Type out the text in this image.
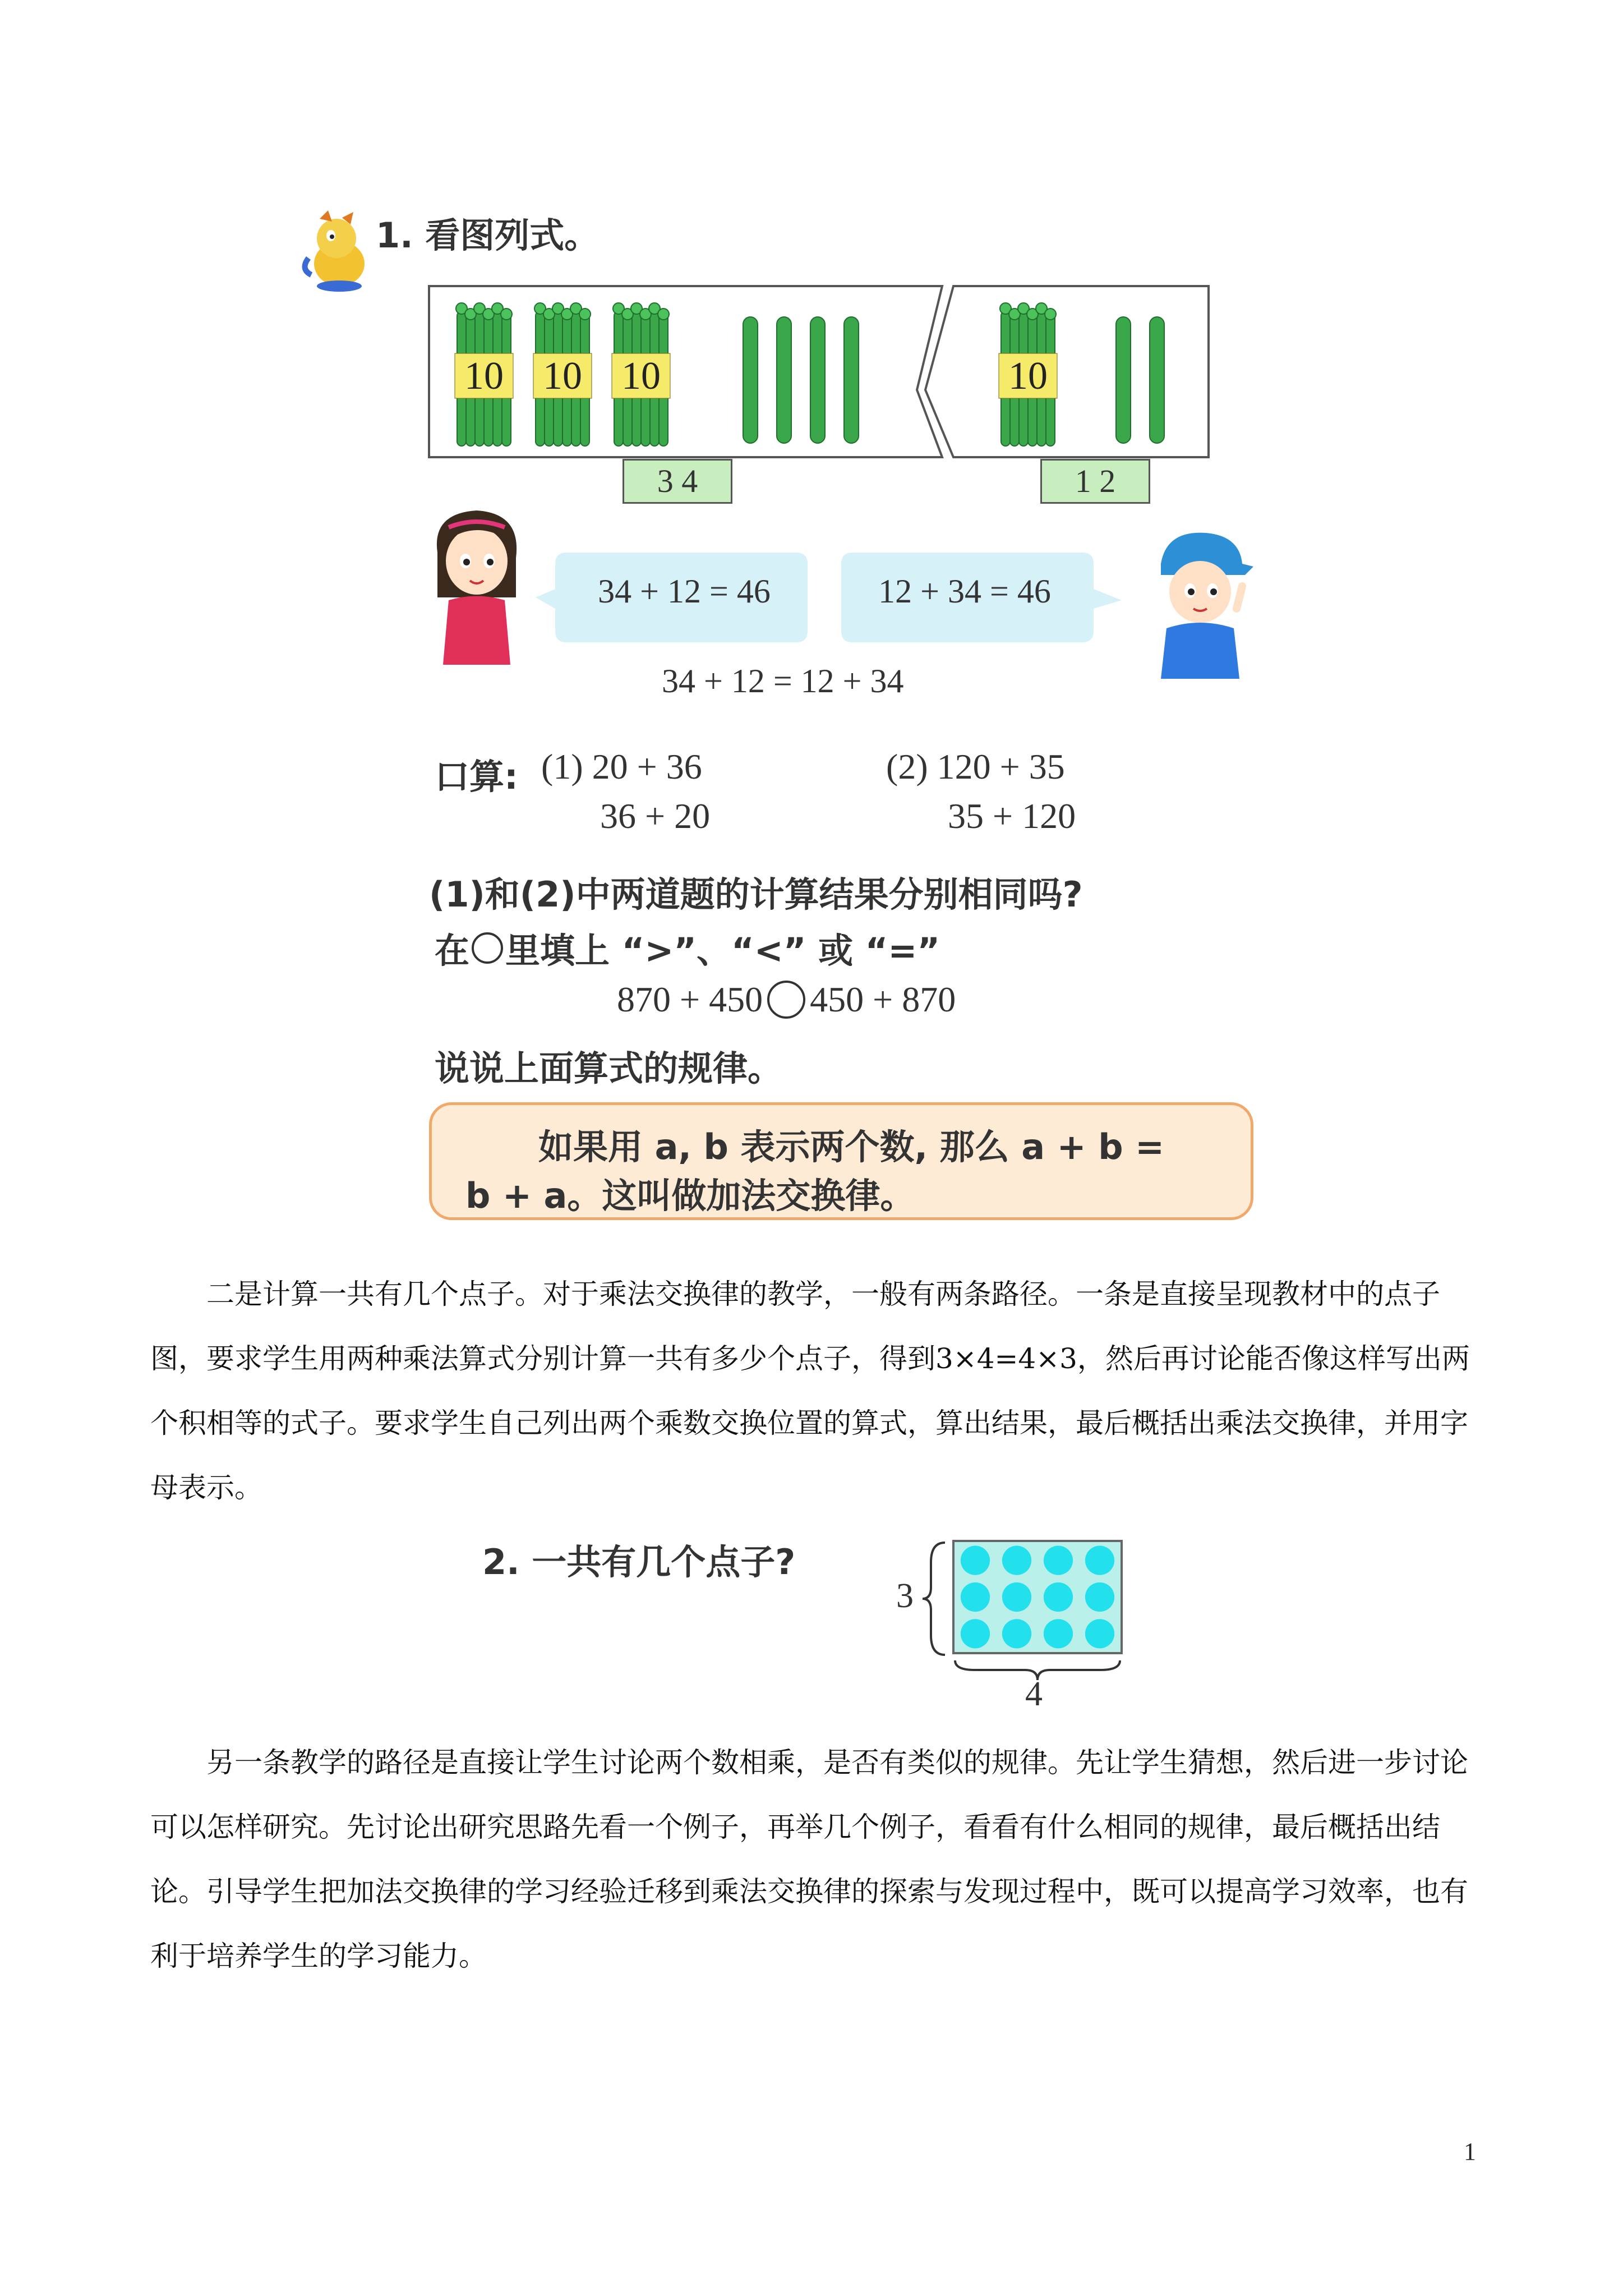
1. 看图列式。
10 10 10	10
3 4	1 2
34 + 12 = 46	12 + 34 = 46
34 + 12 = 12 + 34
口算: (1) 20 + 36
36 + 20
(2) 120 + 35
35 + 120
(1)和(2)中两道题的计算结果分别相同吗?
在 里填上 “>”、“<” 或 “=”
870 + 450 450 + 870
说说上面算式的规律。
如果用 a, b 表示两个数, 那么 a + b =
b + a。这叫做加法交换律。
二是计算一共有几个点子。对于乘法交换律的教学，一般有两条路径。一条是直接呈现教材中的点子图，要求学生用两种乘法算式分别计算一共有多少个点子，得到3×4=4×3，然后再讨论能否像这样写出两个积相等的式子。要求学生自己列出两个乘数交换位置的算式，算出结果，最后概括出乘法交换律，并用字母表示。
2. 一共有几个点子?
3
4
另一条教学的路径是直接让学生讨论两个数相乘，是否有类似的规律。先让学生猜想，然后进一步讨论可以怎样研究。先讨论出研究思路先看一个例子，再举几个例子，看看有什么相同的规律，最后概括出结论。引导学生把加法交换律的学习经验迁移到乘法交换律的探索与发现过程中，既可以提高学习效率，也有利于培养学生的学习能力。
1
